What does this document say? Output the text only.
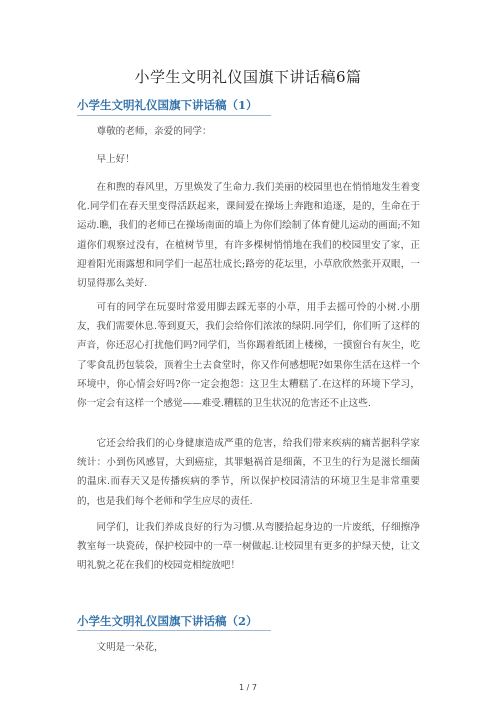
小学生文明礼仪国旗下讲话稿6篇
小学生文明礼仪国旗下讲话稿（1）

尊敬的老师，亲爱的同学：

早上好！

在和煦的春风里，万里焕发了生命力.我们美丽的校园里也在悄悄地发生着变化.同学们在春天里变得活跃起来，课间爱在操场上奔跑和追逐，是的，生命在于运动.瞧，我们的老师已在操场南面的墙上为你们绘制了体育健儿运动的画面;不知道你们观察过没有，在植树节里，有许多棵树悄悄地在我们的校园里安了家，正迎着阳光雨露想和同学们一起茁壮成长;路旁的花坛里，小草欣欣然张开双眼，一切显得那么美好.

可有的同学在玩耍时常爱用脚去踩无辜的小草，用手去摇可怜的小树.小朋友，我们需要休息.等到夏天，我们会给你们浓浓的绿阴.同学们，你们听了这样的声音，你还忍心打扰他们吗?同学们，当你踢着纸团上楼梯，一摸窗台有灰尘，吃了零食乱扔包装袋，顶着尘土去食堂时，你又作何感想呢?如果你生活在这样一个环境中，你心情会好吗?你一定会抱怨：这卫生太糟糕了.在这样的环境下学习，你一定会有这样一个感觉——难受.糟糕的卫生状况的危害还不止这些.

它还会给我们的心身健康造成严重的危害，给我们带来疾病的痛苦据科学家统计：小到伤风感冒，大到癌症，其罪魁祸首是细菌，不卫生的行为是滋长细菌的温床.而春天又是传播疾病的季节，所以保护校园清洁的环境卫生是非常重要的，也是我们每个老师和学生应尽的责任.

同学们，让我们养成良好的行为习惯.从弯腰拾起身边的一片废纸，仔细擦净教室每一块瓷砖，保护校园中的一草一树做起.让校园里有更多的护绿天使，让文明礼貌之花在我们的校园竞相绽放吧！

小学生文明礼仪国旗下讲话稿（2）

文明是一朵花，

1 / 7
